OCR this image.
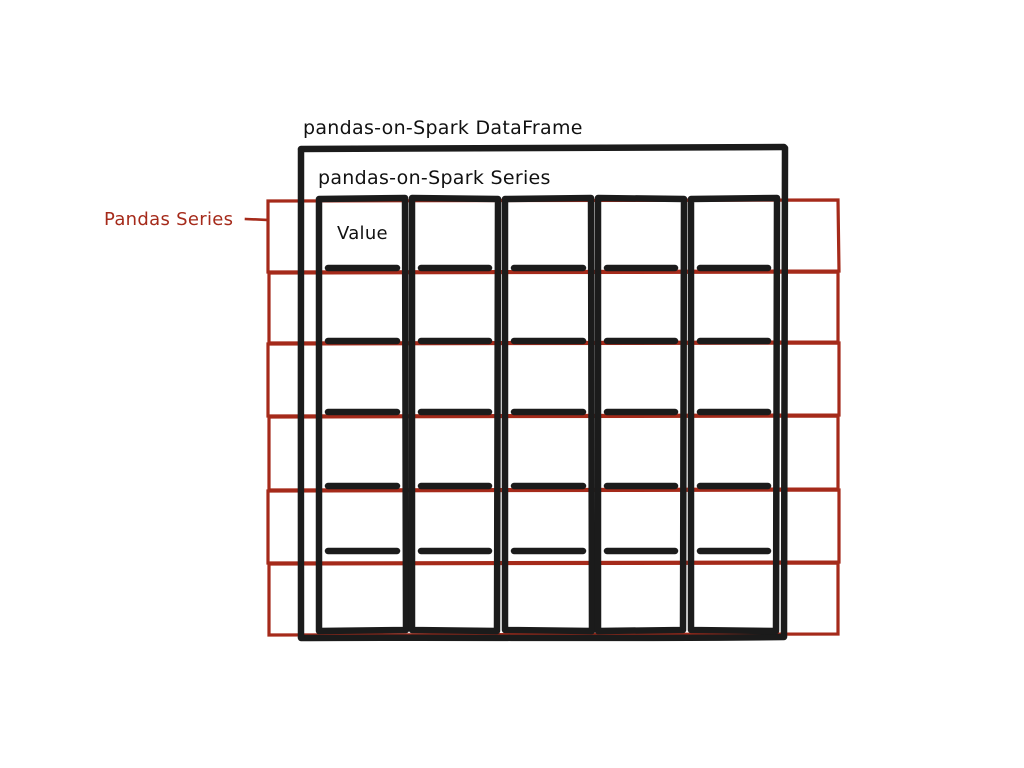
pandas-on-Spark DataFrame
pandas-on-Spark Series
Value
Pandas Series
